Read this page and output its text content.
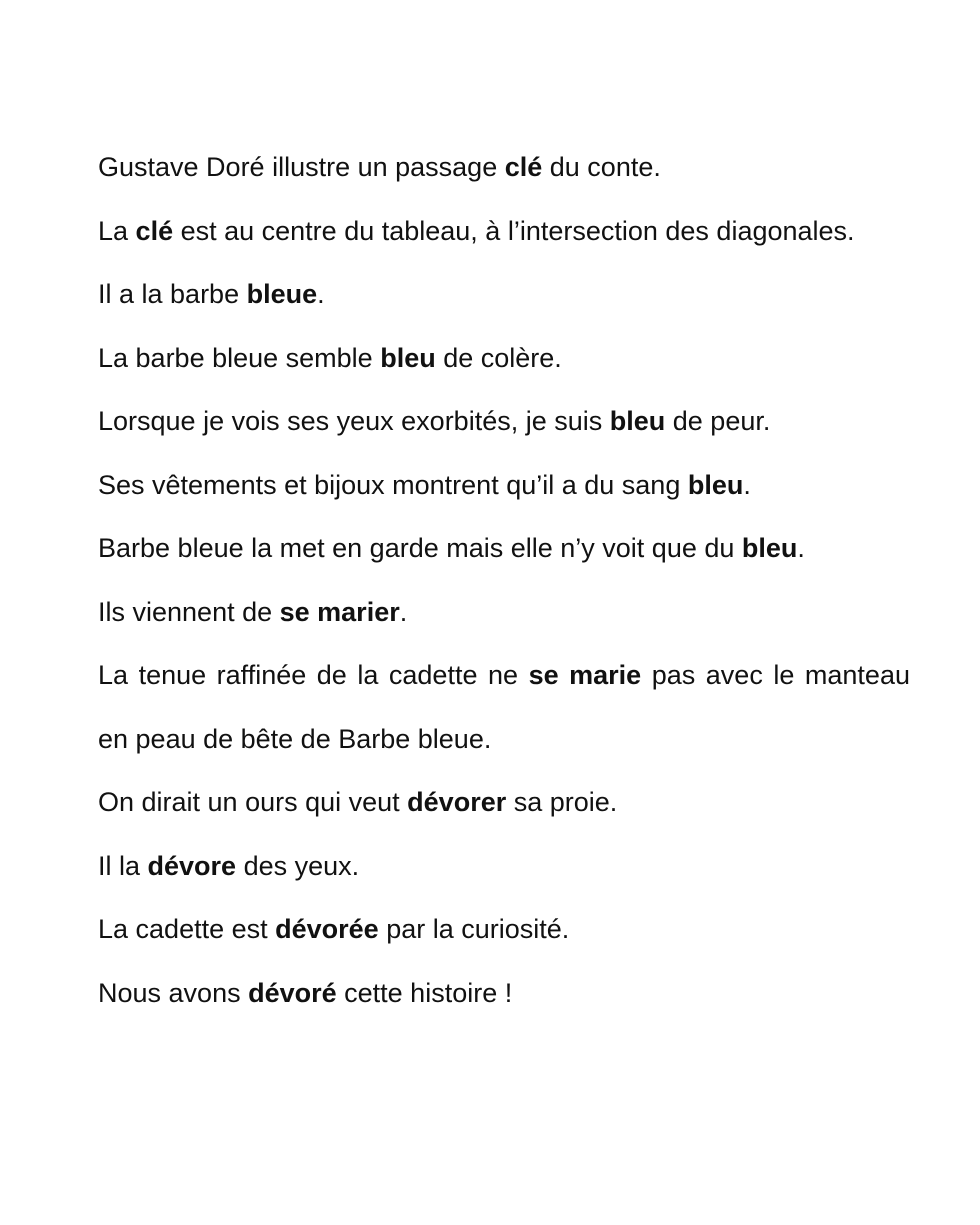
Gustave Doré illustre un passage clé du conte.

La clé est au centre du tableau, à l’intersection des diagonales.

Il a la barbe bleue.

La barbe bleue semble bleu de colère.

Lorsque je vois ses yeux exorbités, je suis bleu de peur.

Ses vêtements et bijoux montrent qu’il a du sang bleu.

Barbe bleue la met en garde mais elle n’y voit que du bleu.

Ils viennent de se marier.

La tenue raffinée de la cadette ne se marie pas avec le manteau en peau de bête de Barbe bleue.

On dirait un ours qui veut dévorer sa proie.

Il la dévore des yeux.

La cadette est dévorée par la curiosité.

Nous avons dévoré cette histoire !
